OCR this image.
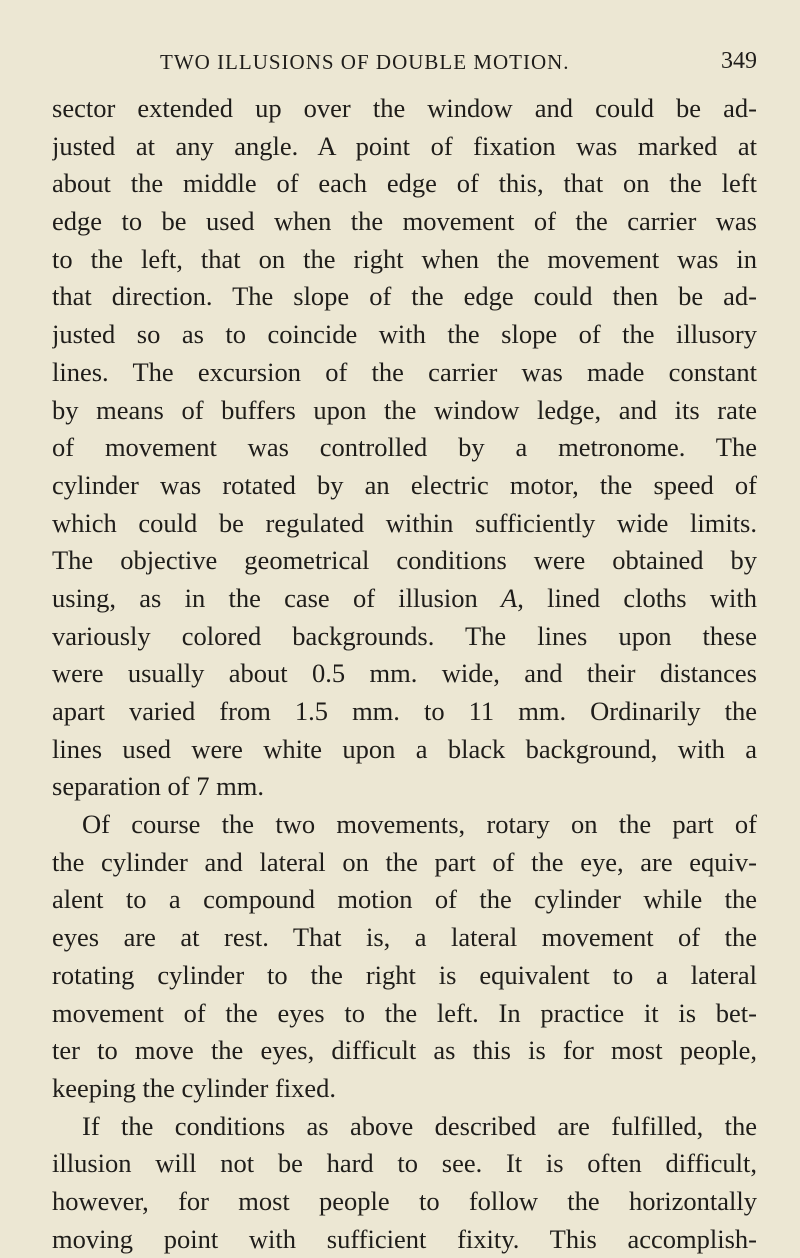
TWO ILLUSIONS OF DOUBLE MOTION.	349
sector extended up over the window and could be ad-
justed at any angle. A point of fixation was marked at
about the middle of each edge of this, that on the left
edge to be used when the movement of the carrier was
to the left, that on the right when the movement was in
that direction. The slope of the edge could then be ad-
justed so as to coincide with the slope of the illusory
lines. The excursion of the carrier was made constant
by means of buffers upon the window ledge, and its rate
of movement was controlled by a metronome. The
cylinder was rotated by an electric motor, the speed of
which could be regulated within sufficiently wide limits.
The objective geometrical conditions were obtained by
using, as in the case of illusion A, lined cloths with
variously colored backgrounds. The lines upon these
were usually about 0.5 mm. wide, and their distances
apart varied from 1.5 mm. to 11 mm. Ordinarily the
lines used were white upon a black background, with a
separation of 7 mm.
Of course the two movements, rotary on the part of
the cylinder and lateral on the part of the eye, are equiv-
alent to a compound motion of the cylinder while the
eyes are at rest. That is, a lateral movement of the
rotating cylinder to the right is equivalent to a lateral
movement of the eyes to the left. In practice it is bet-
ter to move the eyes, difficult as this is for most people,
keeping the cylinder fixed.
If the conditions as above described are fulfilled, the
illusion will not be hard to see. It is often difficult,
however, for most people to follow the horizontally
moving point with sufficient fixity. This accomplish-
